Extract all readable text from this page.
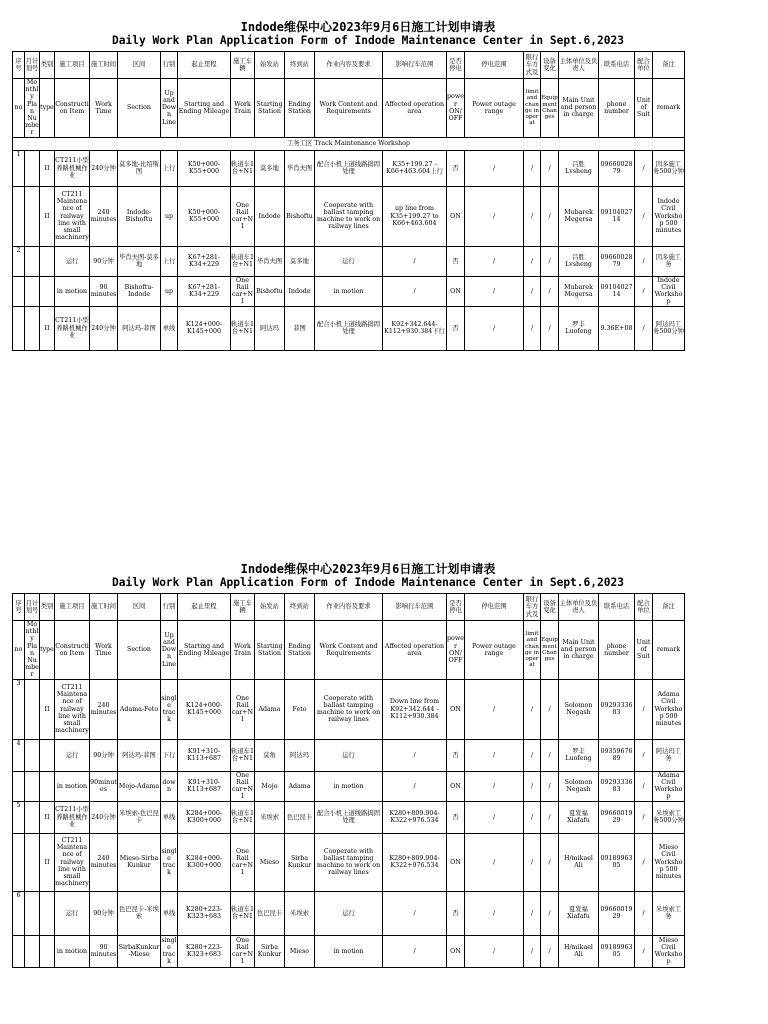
Indode维保中心2023年9月6日施工计划申请表
Daily Work Plan Application Form of Indode Maintenance Center in Sept.6,2023
序号	月计划号	类别	施工项目	施工时间	区间	行别	起止里程	施工车辆	始发站	终到站	作业内容及要求	影响行车范围	是否停电	停电范围	限行车方式及	设备变化	主体单位及负责人	联系电话	配合单位	备注
no	Monthly Plan Number	type	Construction Item	Work Time	Section	Up and Down Line	Starting and Ending Mileage	Work Train	Starting Station	Ending Station	Work Content and Requirements	Affected operation area	power ON/OFF	Power outage range	limit and change in operat	Equipment Changes	Main Unit and person in charge	phone number	Unit of Suit	remark
工务工区 Track Maintenance Workshop																				
1		II	CT211小型养路机械作业	240分钟	莫多地-比绍斯图	上行	K50+000-K55+000	轨道车1台+N1	莫多地	毕肖夫图	配合小机上道线路捣固处理	K35+199.27 -K66+463.604上行	否	/	/	/	吕胜 Lvsheng	0966002879	/	因多施工务500分钟
		II	CT211 Maintenance of railway line with small machinery	240 minutes	Indode-Bishoftu	up	K50+000-K55+000	One Rail car+N1	Indode	Bishoftu	Cooperate with ballast tamping machine to work on railway lines	up line from K35+199.27 to K66+463.604	ON	/	/	/	Mubarek Megersa	0910402714	/	Indode Civil Workshop 500 minutes
2			运行	90分钟	毕肖夫图-莫多地	上行	K67+281-K34+229	轨道车1台+N1	毕肖夫图	莫多地	运行	/	否	/	/	/	吕胜 Lvsheng	0966002879	/	因多施工务
			in motion	90 minutes	Bishoftu-Indode	up	K67+281-K34+229	One Rail car+N1	Bishoftu	Indode	in motion	/	ON	/	/	/	Mubarek Megersa	0910402714	/	Indode Civil Workshop
		II	CT211小型养路机械作业	240分钟	阿达玛-菲图	单线	K124+000-K145+000	轨道车1台+N1	阿达玛	菲图	配合小机上道线路捣固处理	K92+342.644-K112+930.384下行	否	/	/	/	罗丰 Luofeng	9.36E+08	/	阿达玛工务500分钟
Indode维保中心2023年9月6日施工计划申请表
Daily Work Plan Application Form of Indode Maintenance Center in Sept.6,2023
序号	月计划号	类别	施工项目	施工时间	区间	行别	起止里程	施工车辆	始发站	终到站	作业内容及要求	影响行车范围	是否停电	停电范围	限行车方式及	设备变化	主体单位及负责人	联系电话	配合单位	备注
no	Monthly Plan Number	type	Construction Item	Work Time	Section	Up and Down Line	Starting and Ending Mileage	Work Train	Starting Station	Ending Station	Work Content and Requirements	Affected operation area	power ON/OFF	Power outage range	limit and change in operat	Equipment Changes	Main Unit and person in charge	phone number	Unit of Suit	remark
3		II	CT211 Maintenance of railway line with small machinery	240 minutes	Adama-Feto	single track	K124+000-K145+000	One Rail car+N1	Adama	Feto	Cooperate with ballast tamping machine to work on railway lines	Down line from K92+342.644 -K112+930.384	ON	/	/	/	Solomon Negash	0929333683	/	Adama Civil Workshop 500 minutes
4			运行	90分钟	阿达玛-菲图	下行	K91+310-K113+687	轨道车1台+N1	莫角	阿达玛	运行	/	否	/	/	/	罗丰 Luofeng	0935967689	/	阿达玛工务
			in motion	90minutes	Mojo-Adama	down	K91+310-K113+687	One Rail car+N1	Mojo	Adama	in motion	/	ON	/	/	/	Solomon Negash	0929333683	/	Adama Civil Workshop
5		II	CT211小型养路机械作业	240分钟	米埃索-色巴昆卡	单线	K284+000-K300+000	轨道车1台+N1	米埃索	色巴昆卡	配合小机上道线路捣固处理	K280+809.904-K322+976.534	否	/	/	/	夏发福 Xiafafu	0966001929	/	米埃索工务500分钟
		II	CT211 Maintenance of railway line with small machinery	240 minutes	Mieso-Sirba Kunkur	single track	K284+000-K300+000	One Rail car+N1	Mieso	Sirba Kunkur	Cooperate with ballast tamping machine to work on railway lines	K280+809.904-K322+976.534	ON	/	/	/	H/mikael Ali	0918996305	/	Mieso Civil Workshop 500 minutes
6			运行	90分钟	色巴昆卡-米埃索	单线	K280+223-K323+683	轨道车1台+N1	色巴昆卡	米埃索	运行	/	否	/	/	/	夏发福 Xiafafu	0966001929	/	米埃索工务
			in motion	90 minutes	SirbaKunkur-Mieso	single track	K280+223-K323+683	One Rail car+N1	Sirba Kunkur	Mieso	in motion	/	ON	/	/	/	H/mikael Ali	0918996305	/	Mieso Civil Workshop
